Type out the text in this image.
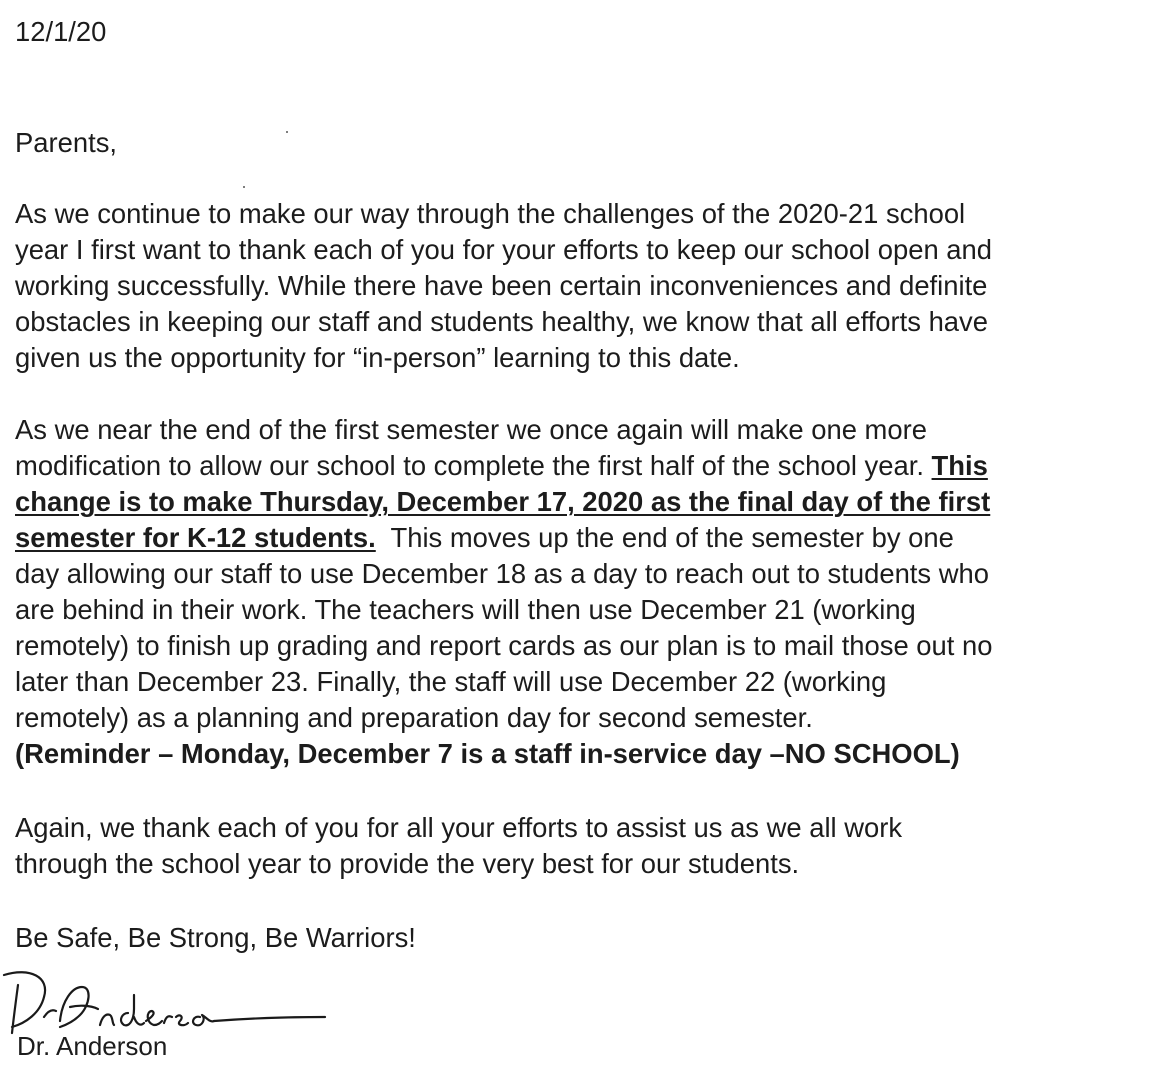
12/1/20
Parents,
As we continue to make our way through the challenges of the 2020-21 school
year I first want to thank each of you for your efforts to keep our school open and
working successfully. While there have been certain inconveniences and definite
obstacles in keeping our staff and students healthy, we know that all efforts have
given us the opportunity for “in-person” learning to this date.
As we near the end of the first semester we once again will make one more
modification to allow our school to complete the first half of the school year. This
change is to make Thursday, December 17, 2020 as the final day of the first
semester for K-12 students.  This moves up the end of the semester by one
day allowing our staff to use December 18 as a day to reach out to students who
are behind in their work. The teachers will then use December 21 (working
remotely) to finish up grading and report cards as our plan is to mail those out no
later than December 23. Finally, the staff will use December 22 (working
remotely) as a planning and preparation day for second semester.
(Reminder – Monday, December 7 is a staff in-service day –NO SCHOOL)
Again, we thank each of you for all your efforts to assist us as we all work
through the school year to provide the very best for our students.
Be Safe, Be Strong, Be Warriors!
Dr. Anderson
